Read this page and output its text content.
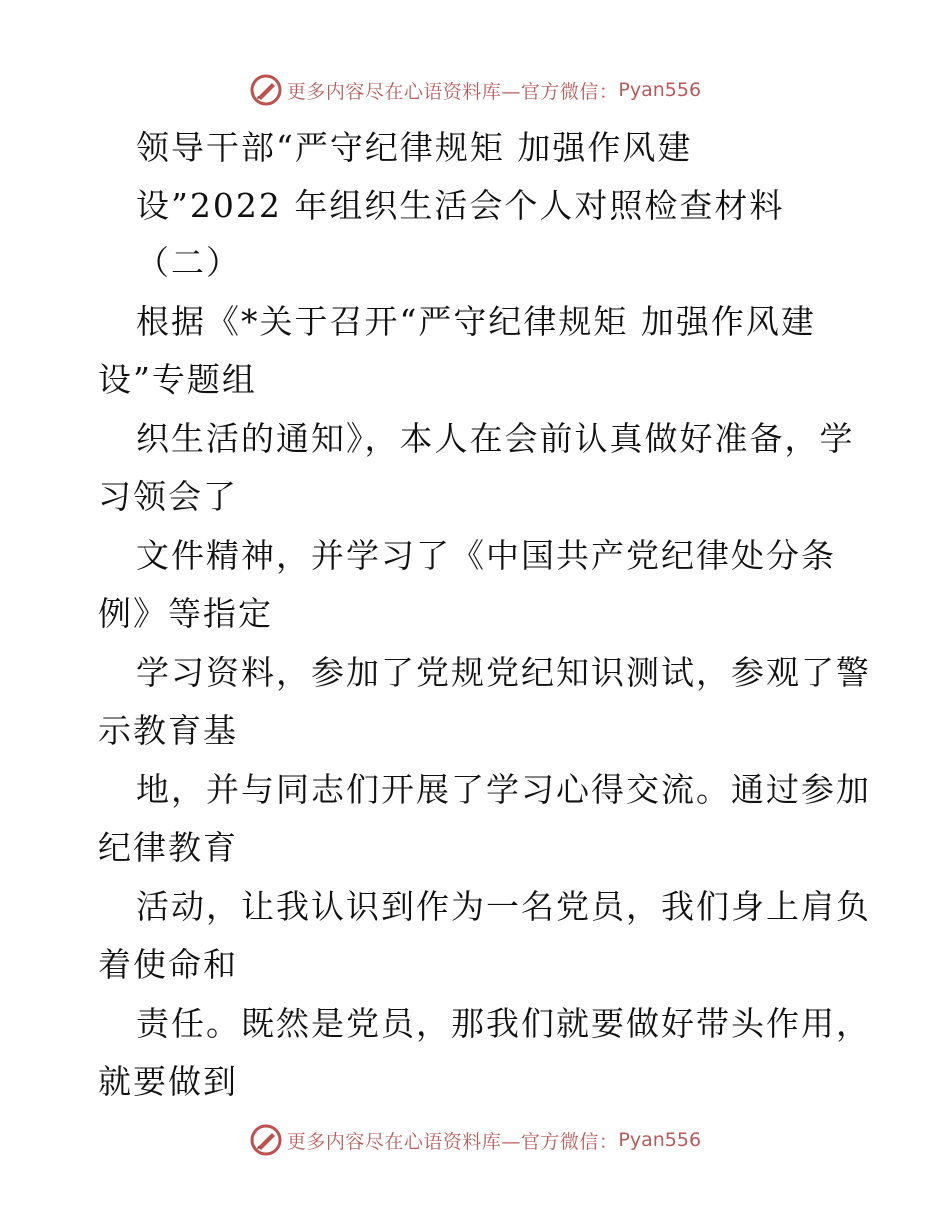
更多内容尽在心语资料库—官方微信： Pyan556
领导干部“严守纪律规矩 加强作风建
设”2022 年组织生活会个人对照检查材料
（二）
根据《*关于召开“严守纪律规矩 加强作风建
设”专题组
织生活的通知》，本人在会前认真做好准备，学
习领会了
文件精神，并学习了《中国共产党纪律处分条
例》等指定
学习资料，参加了党规党纪知识测试，参观了警
示教育基
地，并与同志们开展了学习心得交流。通过参加
纪律教育
活动，让我认识到作为一名党员，我们身上肩负
着使命和
责任。既然是党员，那我们就要做好带头作用，
就要做到
更多内容尽在心语资料库—官方微信： Pyan556
